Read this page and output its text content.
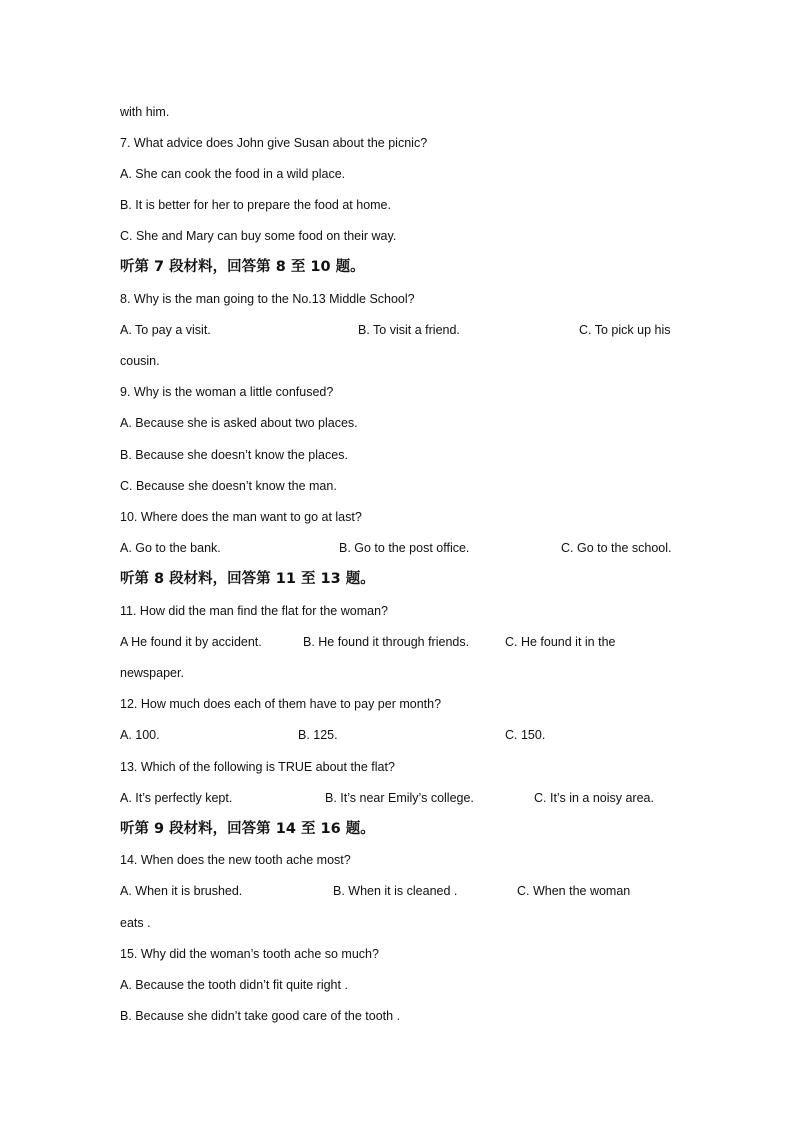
with him.
7. What advice does John give Susan about the picnic?
A. She can cook the food in a wild place.
B. It is better for her to prepare the food at home.
C. She and Mary can buy some food on their way.
听第 7 段材料，回答第 8 至 10 题。
8. Why is the man going to the No.13 Middle School?
A. To pay a visit.	B. To visit a friend.	C. To pick up his
cousin.
9. Why is the woman a little confused?
A. Because she is asked about two places.
B. Because she doesn’t know the places.
C. Because she doesn’t know the man.
10. Where does the man want to go at last?
A. Go to the bank.	B. Go to the post office.	C. Go to the school.
听第 8 段材料，回答第 11 至 13 题。
11. How did the man find the flat for the woman?
A He found it by accident.	B. He found it through friends.	C. He found it in the
newspaper.
12. How much does each of them have to pay per month?
A. 100.	B. 125.	C. 150.
13. Which of the following is TRUE about the flat?
A. It’s perfectly kept.	B. It’s near Emily’s college.	C. It’s in a noisy area.
听第 9 段材料，回答第 14 至 16 题。
14. When does the new tooth ache most?
A. When it is brushed.	B. When it is cleaned .	C. When the woman
eats .
15. Why did the woman’s tooth ache so much?
A. Because the tooth didn’t fit quite right .
B. Because she didn’t take good care of the tooth .
